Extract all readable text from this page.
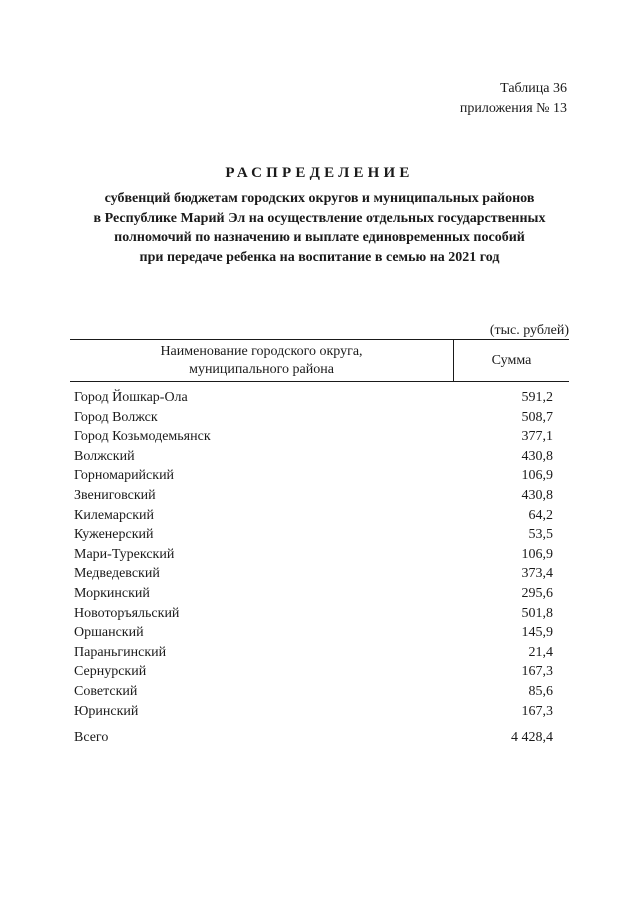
Таблица 36
приложения № 13
РАСПРЕДЕЛЕНИЕ
субвенций бюджетам городских округов и муниципальных районов
в Республике Марий Эл на осуществление отдельных государственных
полномочий по назначению и выплате единовременных пособий
при передаче ребенка на воспитание в семью на 2021 год
(тыс. рублей)
Наименование городского округа,
муниципального района
Сумма
Город Йошкар-Ола	591,2
Город Волжск	508,7
Город Козьмодемьянск	377,1
Волжский	430,8
Горномарийский	106,9
Звениговский	430,8
Килемарский	64,2
Куженерский	53,5
Мари-Турекский	106,9
Медведевский	373,4
Моркинский	295,6
Новоторъяльский	501,8
Оршанский	145,9
Параньгинский	21,4
Сернурский	167,3
Советский	85,6
Юринский	167,3
Всего	4 428,4
